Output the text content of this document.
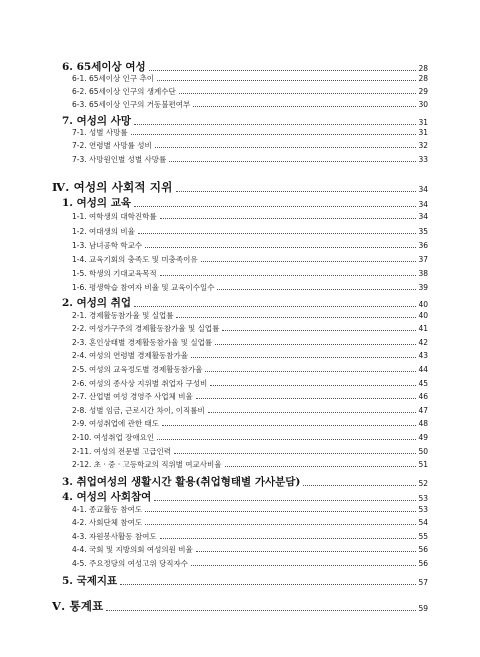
6. 65세이상 여성	28
6-1. 65세이상 인구 추이	28
6-2. 65세이상 인구의 생계수단	29
6-3. 65세이상 인구의 거동불편여부	30
7. 여성의 사망	31
7-1. 성별 사망률	31
7-2. 연령별 사망률 성비	32
7-3. 사망원인별 성별 사망률	33
Ⅳ. 여성의 사회적 지위	34
1. 여성의 교육	34
1-1. 여학생의 대학진학률	34
1-2. 여대생의 비율	35
1-3. 남녀공학 학교수	36
1-4. 교육기회의 충족도 및 미충족이유	37
1-5. 학생의 기대교육목적	38
1-6. 평생학습 참여자 비율 및 교육이수일수	39
2. 여성의 취업	40
2-1. 경제활동참가율 및 실업률	40
2-2. 여성가구주의 경제활동참가율 및 실업률	41
2-3. 혼인상태별 경제활동참가율 및 실업률	42
2-4. 여성의 연령별 경제활동참가율	43
2-5. 여성의 교육정도별 경제활동참가율	44
2-6. 여성의 종사상 지위별 취업자 구성비	45
2-7. 산업별 여성 경영주 사업체 비율	46
2-8. 성별 임금, 근로시간 차이, 이직률비	47
2-9. 여성취업에 관한 태도	48
2-10. 여성취업 장애요인	49
2-11. 여성의 전문별 고급인력	50
2-12. 초 · 중 · 고등학교의 직위별 여교사비율	51
3. 취업여성의 생활시간 활용(취업형태별 가사분담)	52
4. 여성의 사회참여	53
4-1. 종교활동 참여도	53
4-2. 사회단체 참여도	54
4-3. 자원봉사활동 참여도	55
4-4. 국회 및 지방의회 여성의원 비율	56
4-5. 주요정당의 여성고위 당직자수	56
5. 국제지표	57
Ⅴ. 통계표	59
